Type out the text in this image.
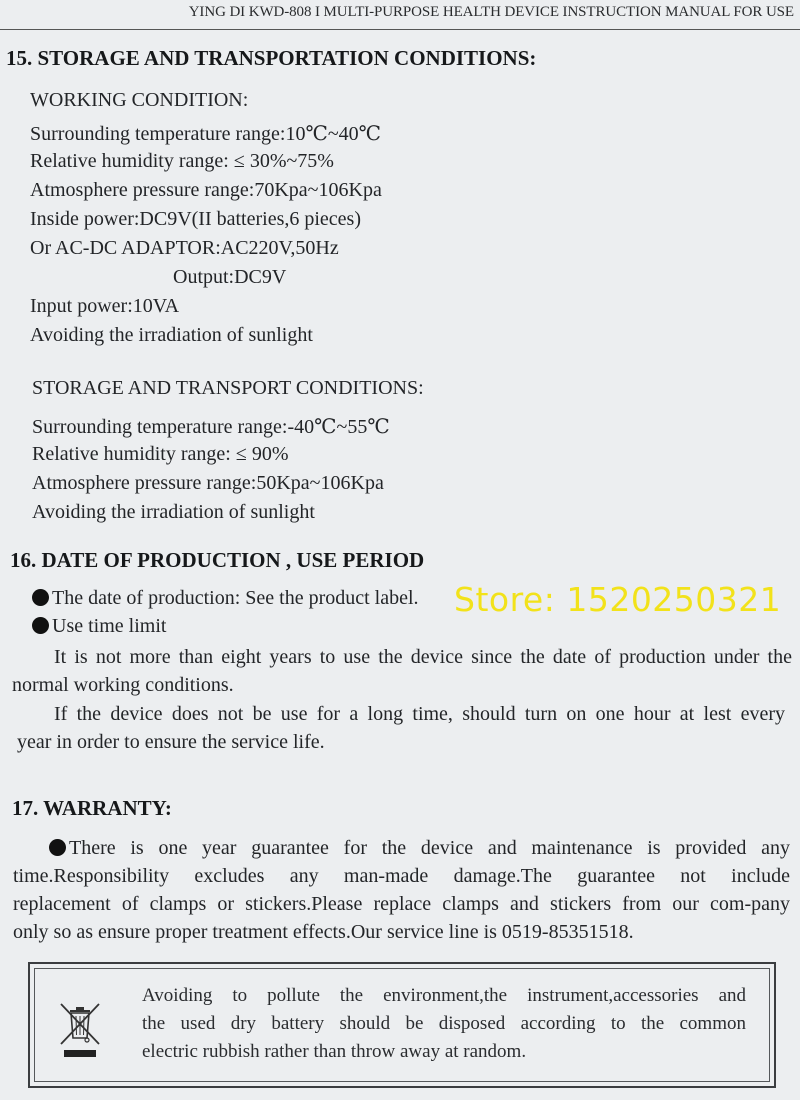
YING DI KWD-808 I MULTI-PURPOSE HEALTH DEVICE INSTRUCTION MANUAL FOR USE
15. STORAGE AND TRANSPORTATION CONDITIONS:
WORKING CONDITION:
Surrounding temperature range:10℃~40℃
Relative humidity range: ≤ 30%~75%
Atmosphere pressure range:70Kpa~106Kpa
Inside power:DC9V(II batteries,6 pieces)
Or AC-DC ADAPTOR:AC220V,50Hz
Output:DC9V
Input power:10VA
Avoiding the irradiation of sunlight
STORAGE AND TRANSPORT CONDITIONS:
Surrounding temperature range:-40℃~55℃
Relative humidity range: ≤ 90%
Atmosphere pressure range:50Kpa~106Kpa
Avoiding the irradiation of sunlight
16. DATE OF PRODUCTION , USE PERIOD
The date of production: See the product label. Store: 1520250321
Use time limit
It is not more than eight years to use the device since the date of production under the
normal working conditions.
If the device does not be use for a long time, should turn on one hour at lest every
year in order to ensure the service life.
17. WARRANTY:
There is one year guarantee for the device and maintenance is provided any
time.Responsibility excludes any man-made damage.The guarantee not include
replacement of clamps or stickers.Please replace clamps and stickers from our com-pany
only so as ensure proper treatment effects.Our service line is 0519-85351518.
Avoiding to pollute the environment,the instrument,accessories and
the used dry battery should be disposed according to the common
electric rubbish rather than throw away at random.
